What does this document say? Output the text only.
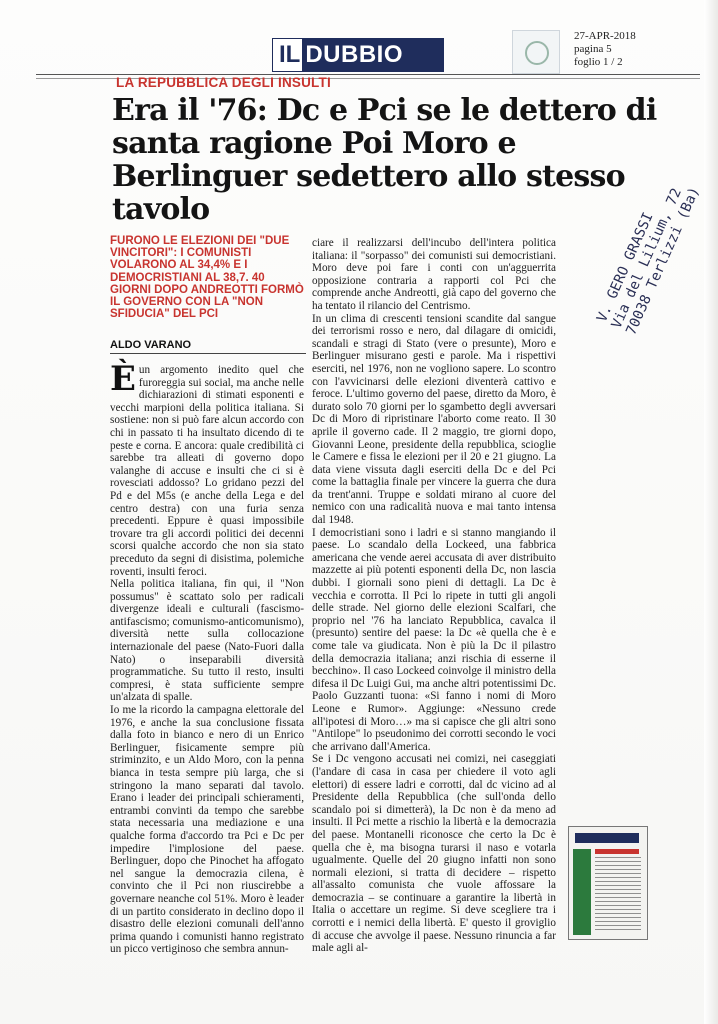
IL DUBBIO
27-APR-2018
pagina 5
foglio 1 / 2
LA REPUBBLICA DEGLI INSULTI
Era il '76: Dc e Pci se le dettero di santa ragione Poi Moro e Berlinguer sedettero allo stesso tavolo
FURONO LE ELEZIONI DEI "DUE VINCITORI": I COMUNISTI VOLARONO AL 34,4% E I DEMOCRISTIANI AL 38,7. 40 GIORNI DOPO ANDREOTTI FORMÒ IL GOVERNO CON LA "NON SFIDUCIA" DEL PCI
ALDO VARANO

Èun argomento inedito quel che furoreggia sui social, ma anche nelle dichiarazioni di stimati esponenti e vecchi marpioni della politica italiana. Si sostiene: non si può fare alcun accordo con chi in passato ti ha insultato dicendo di te peste e corna. E ancora: quale credibilità ci sarebbe tra alleati di governo dopo valanghe di accuse e insulti che ci si è rovesciati addosso? Lo gridano pezzi del Pd e del M5s (e anche della Lega e del centro destra) con una furia senza precedenti. Eppure è quasi impossibile trovare tra gli accordi politici dei decenni scorsi qualche accordo che non sia stato preceduto da segni di disistima, polemiche roventi, insulti feroci.

Nella politica italiana, fin qui, il "Non possumus" è scattato solo per radicali divergenze ideali e culturali (fascismo-antifascismo; comunismo-anticomunismo), diversità nette sulla collocazione internazionale del paese (Nato-Fuori dalla Nato) o inseparabili diversità programmatiche. Su tutto il resto, insulti compresi, è stata sufficiente sempre un'alzata di spalle.

Io me la ricordo la campagna elettorale del 1976, e anche la sua conclusione fissata dalla foto in bianco e nero di un Enrico Berlinguer, fisicamente sempre più striminzito, e un Aldo Moro, con la penna bianca in testa sempre più larga, che si stringono la mano separati dal tavolo. Erano i leader dei principali schieramenti, entrambi convinti da tempo che sarebbe stata necessaria una mediazione e una qualche forma d'accordo tra Pci e Dc per impedire l'implosione del paese. Berlinguer, dopo che Pinochet ha affogato nel sangue la democrazia cilena, è convinto che il Pci non riuscirebbe a governare neanche col 51%. Moro è leader di un partito considerato in declino dopo il disastro delle elezioni comunali dell'anno prima quando i comunisti hanno registrato un picco vertiginoso che sembra annun-

ciare il realizzarsi dell'incubo dell'intera politica italiana: il "sorpasso" dei comunisti sui democristiani. Moro deve poi fare i conti con un'agguerrita opposizione contraria a rapporti col Pci che comprende anche Andreotti, già capo del governo che ha tentato il rilancio del Centrismo.

In un clima di crescenti tensioni scandite dal sangue dei terrorismi rosso e nero, dal dilagare di omicidi, scandali e stragi di Stato (vere o presunte), Moro e Berlinguer misurano gesti e parole. Ma i rispettivi eserciti, nel 1976, non ne vogliono sapere. Lo scontro con l'avvicinarsi delle elezioni diventerà cattivo e feroce. L'ultimo governo del paese, diretto da Moro, è durato solo 70 giorni per lo sgambetto degli avversari Dc di Moro di ripristinare l'aborto come reato. Il 30 aprile il governo cade. Il 2 maggio, tre giorni dopo, Giovanni Leone, presidente della repubblica, scioglie le Camere e fissa le elezioni per il 20 e 21 giugno. La data viene vissuta dagli eserciti della Dc e del Pci come la battaglia finale per vincere la guerra che dura da trent'anni. Truppe e soldati mirano al cuore del nemico con una radicalità nuova e mai tanto intensa dal 1948.

I democristiani sono i ladri e si stanno mangiando il paese. Lo scandalo della Lockeed, una fabbrica americana che vende aerei accusata di aver distribuito mazzette ai più potenti esponenti della Dc, non lascia dubbi. I giornali sono pieni di dettagli. La Dc è vecchia e corrotta. Il Pci lo ripete in tutti gli angoli delle strade. Nel giorno delle elezioni Scalfari, che proprio nel '76 ha lanciato Repubblica, cavalca il (presunto) sentire del paese: la Dc «è quella che è e come tale va giudicata. Non è più la Dc il pilastro della democrazia italiana; anzi rischia di esserne il becchino». Il caso Lockeed coinvolge il ministro della difesa il Dc Luigi Gui, ma anche altri potentissimi Dc. Paolo Guzzanti tuona: «Si fanno i nomi di Moro Leone e Rumor». Aggiunge: «Nessuno crede all'ipotesi di Moro…» ma si capisce che gli altri sono "Antilope" lo pseudonimo dei corrotti secondo le voci che arrivano dall'America.

Se i Dc vengono accusati nei comizi, nei caseggiati (l'andare di casa in casa per chiedere il voto agli elettori) di essere ladri e corrotti, dal dc vicino ad al Presidente della Repubblica (che sull'onda dello scandalo poi si dimetterà), la Dc non è da meno ad insulti. Il Pci mette a rischio la libertà e la democrazia del paese. Montanelli riconosce che certo la Dc è quella che è, ma bisogna turarsi il naso e votarla ugualmente. Quelle del 20 giugno infatti non sono normali elezioni, si tratta di decidere – rispetto all'assalto comunista che vuole affossare la democrazia – se continuare a garantire la libertà in Italia o accettare un regime. Si deve scegliere tra i corrotti e i nemici della libertà. E' questo il groviglio di accuse che avvolge il paese. Nessuno rinuncia a far male agli al-

V. GERO GRASSI
Via del Lilium, 72
70038 Terlizzi (Ba)
